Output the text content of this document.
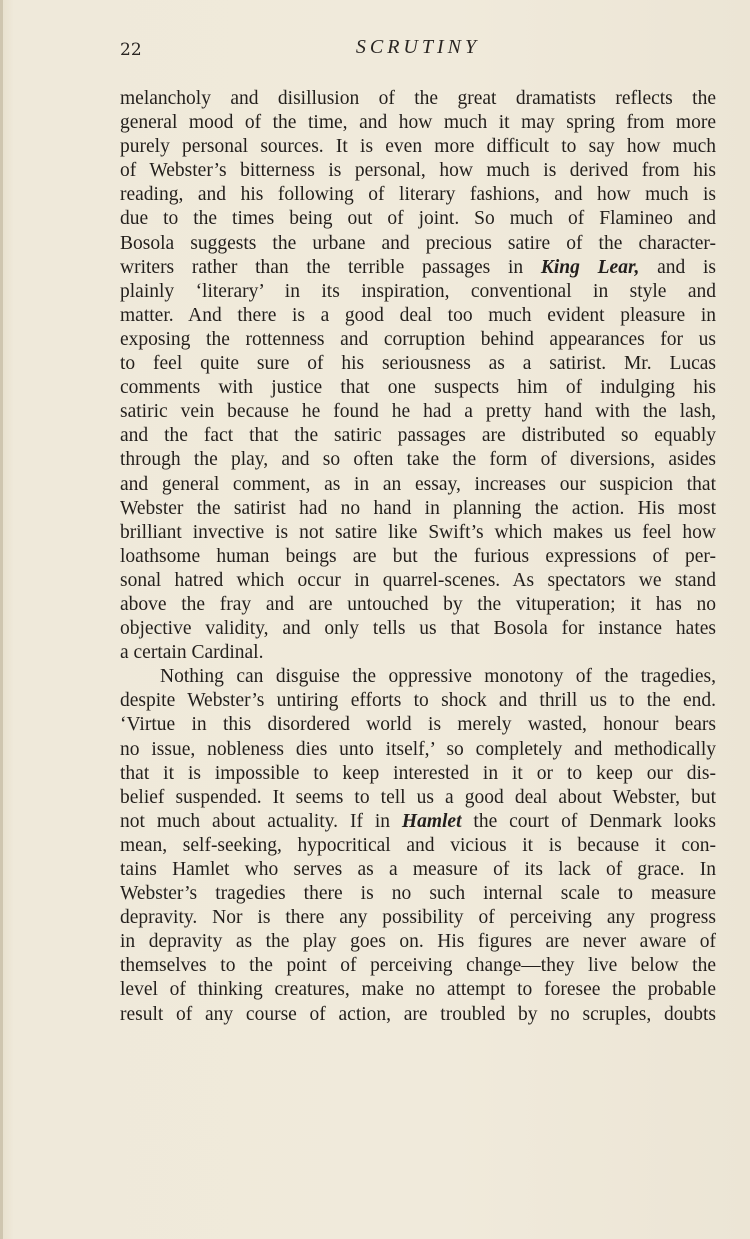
22	SCRUTINY
melancholy and disillusion of the great dramatists reflects the
general mood of the time, and how much it may spring from more
purely personal sources. It is even more difficult to say how much
of Webster’s bitterness is personal, how much is derived from his
reading, and his following of literary fashions, and how much is
due to the times being out of joint. So much of Flamineo and
Bosola suggests the urbane and precious satire of the character-
writers rather than the terrible passages in King Lear, and is
plainly ‘literary’ in its inspiration, conventional in style and
matter. And there is a good deal too much evident pleasure in
exposing the rottenness and corruption behind appearances for us
to feel quite sure of his seriousness as a satirist. Mr. Lucas
comments with justice that one suspects him of indulging his
satiric vein because he found he had a pretty hand with the lash,
and the fact that the satiric passages are distributed so equably
through the play, and so often take the form of diversions, asides
and general comment, as in an essay, increases our suspicion that
Webster the satirist had no hand in planning the action. His most
brilliant invective is not satire like Swift’s which makes us feel how
loathsome human beings are but the furious expressions of per-
sonal hatred which occur in quarrel-scenes. As spectators we stand
above the fray and are untouched by the vituperation; it has no
objective validity, and only tells us that Bosola for instance hates
a certain Cardinal.
Nothing can disguise the oppressive monotony of the tragedies,
despite Webster’s untiring efforts to shock and thrill us to the end.
‘Virtue in this disordered world is merely wasted, honour bears
no issue, nobleness dies unto itself,’ so completely and methodically
that it is impossible to keep interested in it or to keep our dis-
belief suspended. It seems to tell us a good deal about Webster, but
not much about actuality. If in Hamlet the court of Denmark looks
mean, self-seeking, hypocritical and vicious it is because it con-
tains Hamlet who serves as a measure of its lack of grace. In
Webster’s tragedies there is no such internal scale to measure
depravity. Nor is there any possibility of perceiving any progress
in depravity as the play goes on. His figures are never aware of
themselves to the point of perceiving change—they live below the
level of thinking creatures, make no attempt to foresee the probable
result of any course of action, are troubled by no scruples, doubts
